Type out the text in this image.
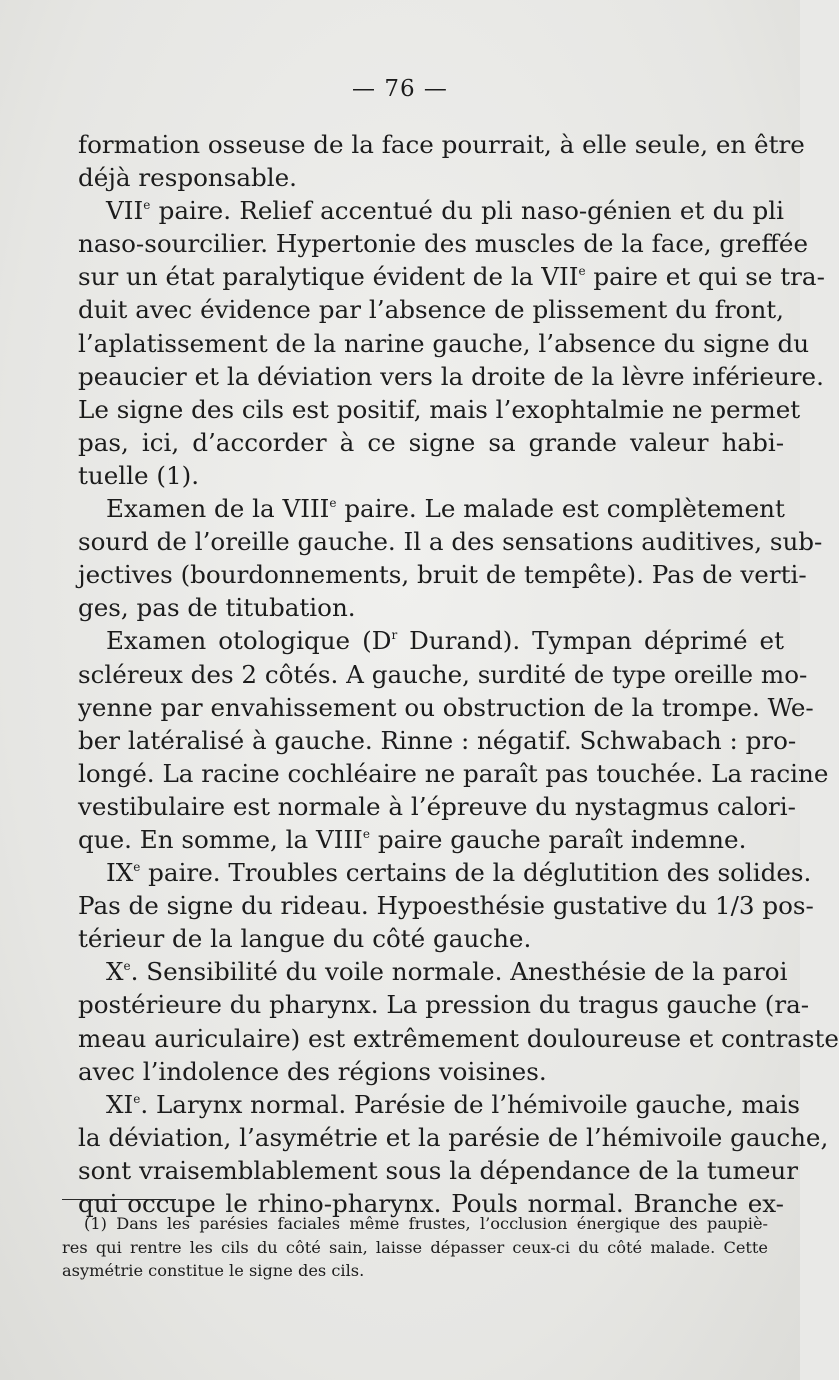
— 76 —
formation osseuse de la face pourrait, à elle seule, en être
déjà responsable.
VIIe paire. Relief accentué du pli naso-génien et du pli
naso-sourcilier. Hypertonie des muscles de la face, greffée
sur un état paralytique évident de la VIIe paire et qui se tra-
duit avec évidence par l’absence de plissement du front,
l’aplatissement de la narine gauche, l’absence du signe du
peaucier et la déviation vers la droite de la lèvre inférieure.
Le signe des cils est positif, mais l’exophtalmie ne permet
pas, ici, d’accorder à ce signe sa grande valeur habi-
tuelle (1).
Examen de la VIIIe paire. Le malade est complètement
sourd de l’oreille gauche. Il a des sensations auditives, sub-
jectives (bourdonnements, bruit de tempête). Pas de verti-
ges, pas de titubation.
Examen otologique ($D^r$ Durand). Tympan déprimé et
scléreux des 2 côtés. A gauche, surdité de type oreille mo-
yenne par envahissement ou obstruction de la trompe. We-
ber latéralisé à gauche. Rinne : négatif. Schwabach : pro-
longé. La racine cochléaire ne paraît pas touchée. La racine
vestibulaire est normale à l’épreuve du nystagmus calori-
que. En somme, la VIIIe paire gauche paraît indemne.
IXe paire. Troubles certains de la déglutition des solides.
Pas de signe du rideau. Hypoesthésie gustative du 1/3 pos-
térieur de la langue du côté gauche.
Xe. Sensibilité du voile normale. Anesthésie de la paroi
postérieure du pharynx. La pression du tragus gauche (ra-
meau auriculaire) est extrêmement douloureuse et contraste
avec l’indolence des régions voisines.
XIe. Larynx normal. Parésie de l’hémivoile gauche, mais
la déviation, l’asymétrie et la parésie de l’hémivoile gauche,
sont vraisemblablement sous la dépendance de la tumeur
qui occupe le rhino-pharynx. Pouls normal. Branche ex-
(1) Dans les parésies faciales même frustes, l’occlusion énergique des paupiè-
res qui rentre les cils du côté sain, laisse dépasser ceux-ci du côté malade. Cette
asymétrie constitue le signe des cils.
